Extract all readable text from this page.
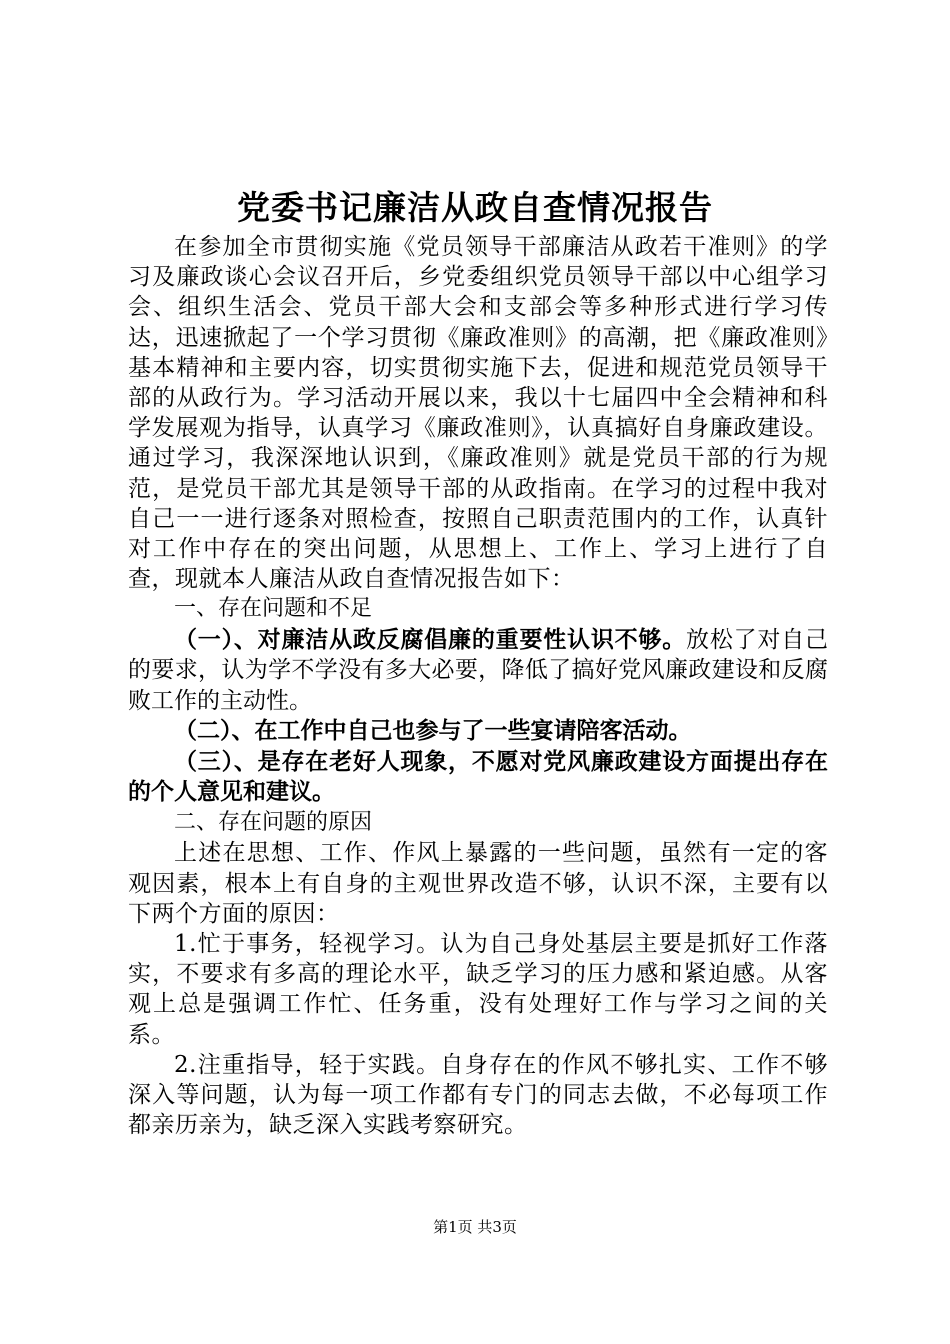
党委书记廉洁从政自查情况报告

在参加全市贯彻实施《党员领导干部廉洁从政若干准则》的学习及廉政谈心会议召开后，乡党委组织党员领导干部以中心组学习会、组织生活会、党员干部大会和支部会等多种形式进行学习传达，迅速掀起了一个学习贯彻《廉政准则》的高潮，把《廉政准则》基本精神和主要内容，切实贯彻实施下去，促进和规范党员领导干部的从政行为。学习活动开展以来，我以十七届四中全会精神和科学发展观为指导，认真学习《廉政准则》，认真搞好自身廉政建设。通过学习，我深深地认识到，《廉政准则》就是党员干部的行为规范，是党员干部尤其是领导干部的从政指南。在学习的过程中我对自己一一进行逐条对照检查，按照自己职责范围内的工作，认真针对工作中存在的突出问题，从思想上、工作上、学习上进行了自查，现就本人廉洁从政自查情况报告如下：

一、存在问题和不足

（一）、对廉洁从政反腐倡廉的重要性认识不够。放松了对自己的要求，认为学不学没有多大必要，降低了搞好党风廉政建设和反腐败工作的主动性。

（二）、在工作中自己也参与了一些宴请陪客活动。

（三）、是存在老好人现象，不愿对党风廉政建设方面提出存在的个人意见和建议。

二、存在问题的原因

上述在思想、工作、作风上暴露的一些问题，虽然有一定的客观因素，根本上有自身的主观世界改造不够，认识不深，主要有以下两个方面的原因：

1.忙于事务，轻视学习。认为自己身处基层主要是抓好工作落实，不要求有多高的理论水平，缺乏学习的压力感和紧迫感。从客观上总是强调工作忙、任务重，没有处理好工作与学习之间的关系。

2.注重指导，轻于实践。自身存在的作风不够扎实、工作不够深入等问题，认为每一项工作都有专门的同志去做，不必每项工作都亲历亲为，缺乏深入实践考察研究。

第1页 共3页
